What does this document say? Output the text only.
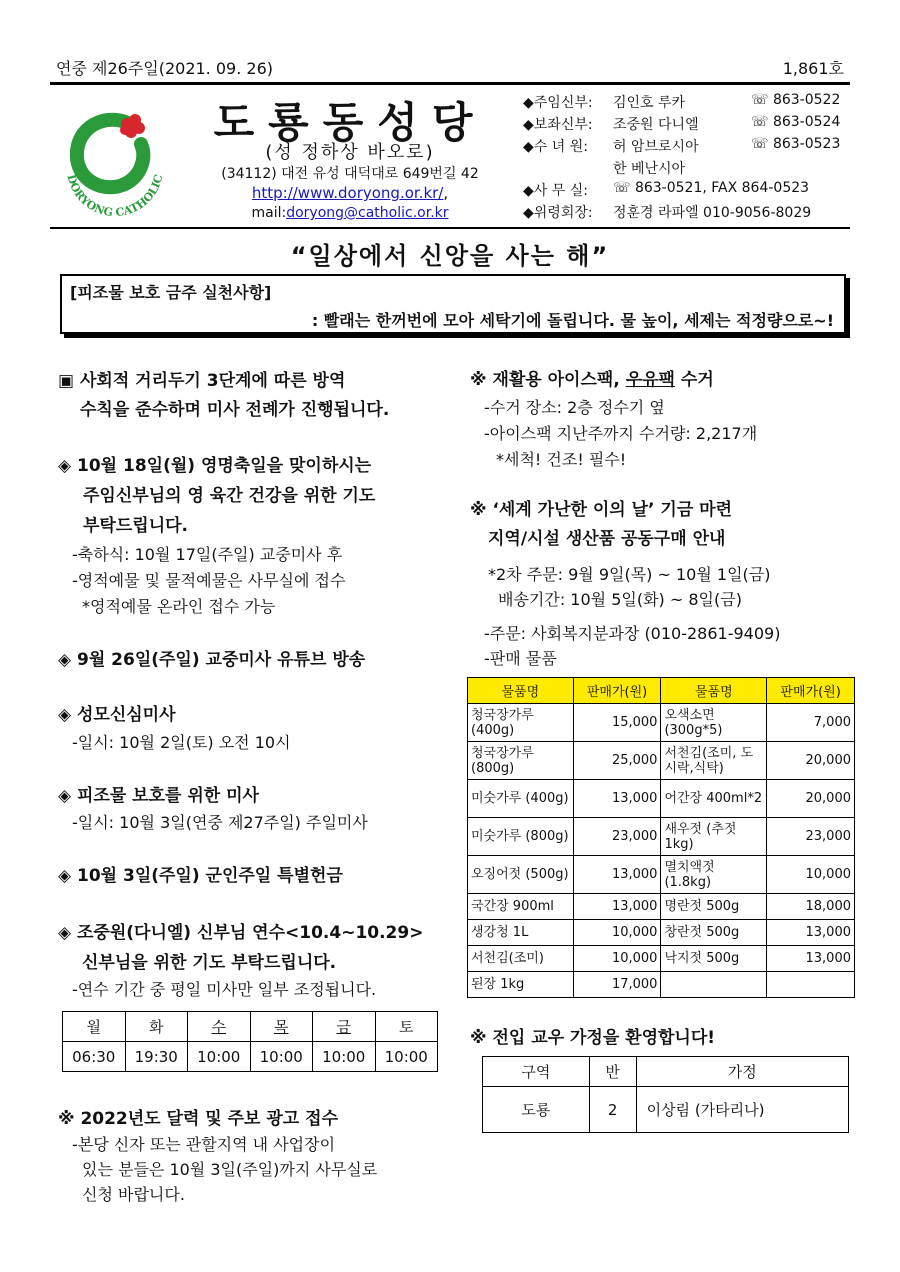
연중 제26주일(2021. 09. 26)	1,861호
DORYONG CATHOLIC
도룡동성당
(성 정하상 바오로)
(34112) 대전 유성 대덕대로 649번길 42
http://www.doryong.or.kr/,
mail:doryong@catholic.or.kr
◆주임신부: 김인호 루카	☏ 863-0522
◆보좌신부: 조중원 다니엘	☏ 863-0524
◆수 녀 원: 허 암브로시아	☏ 863-0523
한 베난시아
◆사 무 실: ☏ 863-0521, FAX 864-0523
◆위령회장: 정훈경 라파엘 010-9056-8029
“일상에서 신앙을 사는 해”
[피조물 보호 금주 실천사항]
: 빨래는 한꺼번에 모아 세탁기에 돌립니다. 물 높이, 세제는 적정량으로~!
▣ 사회적 거리두기 3단계에 따른 방역
수칙을 준수하며 미사 전례가 진행됩니다.
◈ 10월 18일(월) 영명축일을 맞이하시는
주임신부님의 영 육간 건강을 위한 기도
부탁드립니다.
-축하식: 10월 17일(주일) 교중미사 후
-영적예물 및 물적예물은 사무실에 접수
*영적예물 온라인 접수 가능
◈ 9월 26일(주일) 교중미사 유튜브 방송
◈ 성모신심미사
-일시: 10월 2일(토) 오전 10시
◈ 피조물 보호를 위한 미사
-일시: 10월 3일(연중 제27주일) 주일미사
◈ 10월 3일(주일) 군인주일 특별헌금
◈ 조중원(다니엘) 신부님 연수<10.4~10.29>
신부님을 위한 기도 부탁드립니다.
-연수 기간 중 평일 미사만 일부 조정됩니다.
월	화	수	목	금	토
06:30	19:30	10:00	10:00	10:00	10:00
※ 2022년도 달력 및 주보 광고 접수
-본당 신자 또는 관할지역 내 사업장이
있는 분들은 10월 3일(주일)까지 사무실로
신청 바랍니다.
※ 재활용 아이스팩, 우유팩 수거
-수거 장소: 2층 정수기 옆
-아이스팩 지난주까지 수거량: 2,217개
*세척! 건조! 필수!
※ ‘세계 가난한 이의 날’ 기금 마련
지역/시설 생산품 공동구매 안내
*2차 주문: 9월 9일(목) ~ 10월 1일(금)
배송기간: 10월 5일(화) ~ 8일(금)
-주문: 사회복지분과장 (010-2861-9409)
-판매 물품
물품명	판매가(원)	물품명	판매가(원)
청국장가루 (400g)	15,000	오색소면 (300g*5)	7,000
청국장가루 (800g)	25,000	서천김(조미, 도시락,식탁)	20,000
미숫가루 (400g)	13,000	어간장 400ml*2	20,000
미숫가루 (800g)	23,000	새우젓 (추젓 1kg)	23,000
오징어젓 (500g)	13,000	멸치액젓 (1.8kg)	10,000
국간장 900ml	13,000	명란젓 500g	18,000
생강청 1L	10,000	창란젓 500g	13,000
서천김(조미)	10,000	낙지젓 500g	13,000
된장 1kg	17,000		
※ 전입 교우 가정을 환영합니다!
구역	반	가정
도룡	2	이상림 (가타리나)
